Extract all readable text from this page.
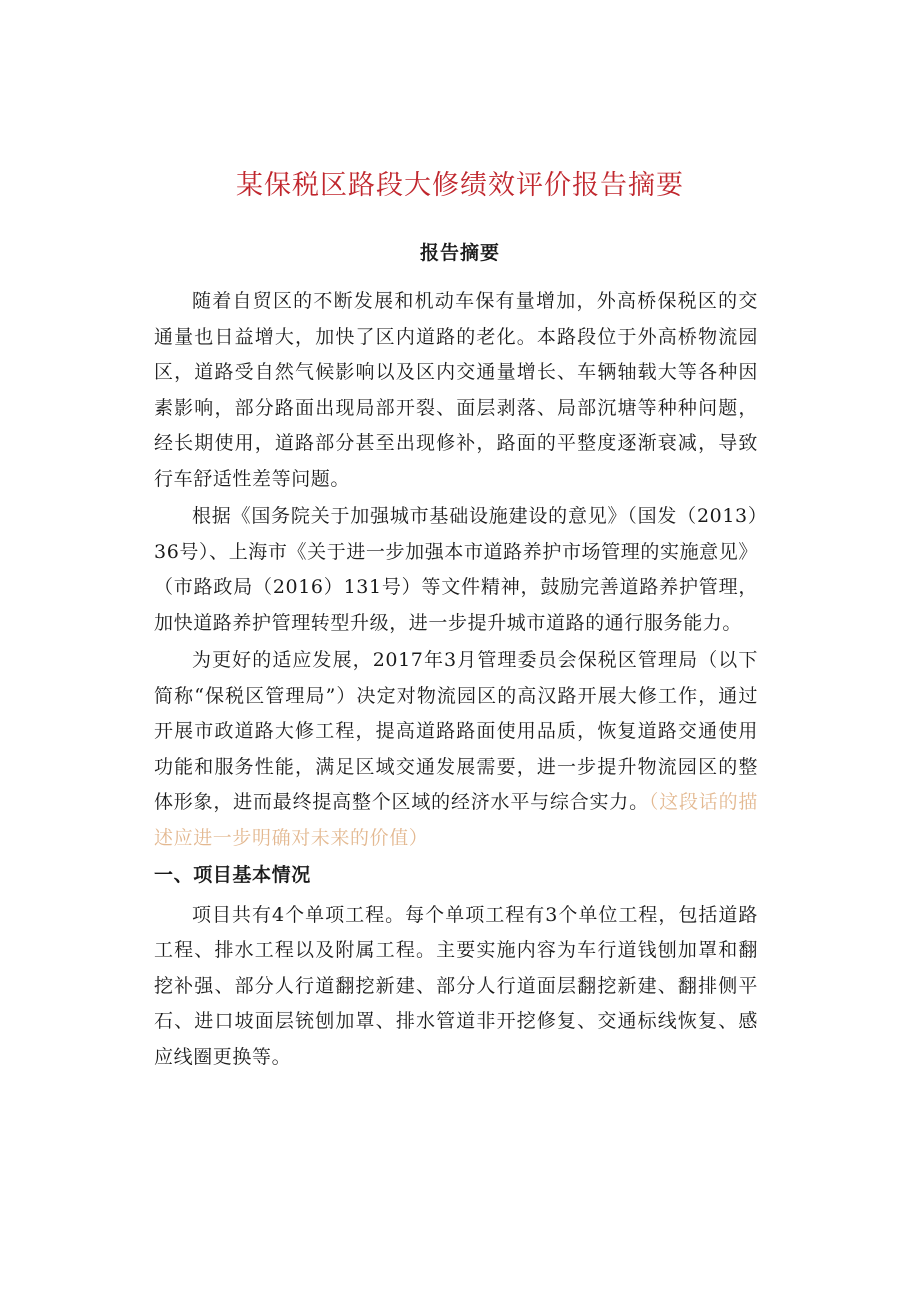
某保税区路段大修绩效评价报告摘要
报告摘要

随着自贸区的不断发展和机动车保有量增加，外高桥保税区的交通量也日益增大，加快了区内道路的老化。本路段位于外高桥物流园区，道路受自然气候影响以及区内交通量增长、车辆轴载大等各种因素影响，部分路面出现局部开裂、面层剥落、局部沉塘等种种问题，经长期使用，道路部分甚至出现修补，路面的平整度逐渐衰减，导致行车舒适性差等问题。

根据《国务院关于加强城市基础设施建设的意见》（国发（2013）36号）、上海市《关于进一步加强本市道路养护市场管理的实施意见》（市路政局（2016）131号）等文件精神，鼓励完善道路养护管理，加快道路养护管理转型升级，进一步提升城市道路的通行服务能力。

为更好的适应发展，2017年3月管理委员会保税区管理局（以下简称“保税区管理局”）决定对物流园区的高汉路开展大修工作，通过开展市政道路大修工程，提高道路路面使用品质，恢复道路交通使用功能和服务性能，满足区域交通发展需要，进一步提升物流园区的整体形象，进而最终提高整个区域的经济水平与综合实力。（这段话的描述应进一步明确对未来的价值）

一、项目基本情况

项目共有4个单项工程。每个单项工程有3个单位工程，包括道路工程、排水工程以及附属工程。主要实施内容为车行道钱刨加罩和翻挖补强、部分人行道翻挖新建、部分人行道面层翻挖新建、翻排侧平石、进口坡面层铳刨加罩、排水管道非开挖修复、交通标线恢复、感应线圈更换等。
